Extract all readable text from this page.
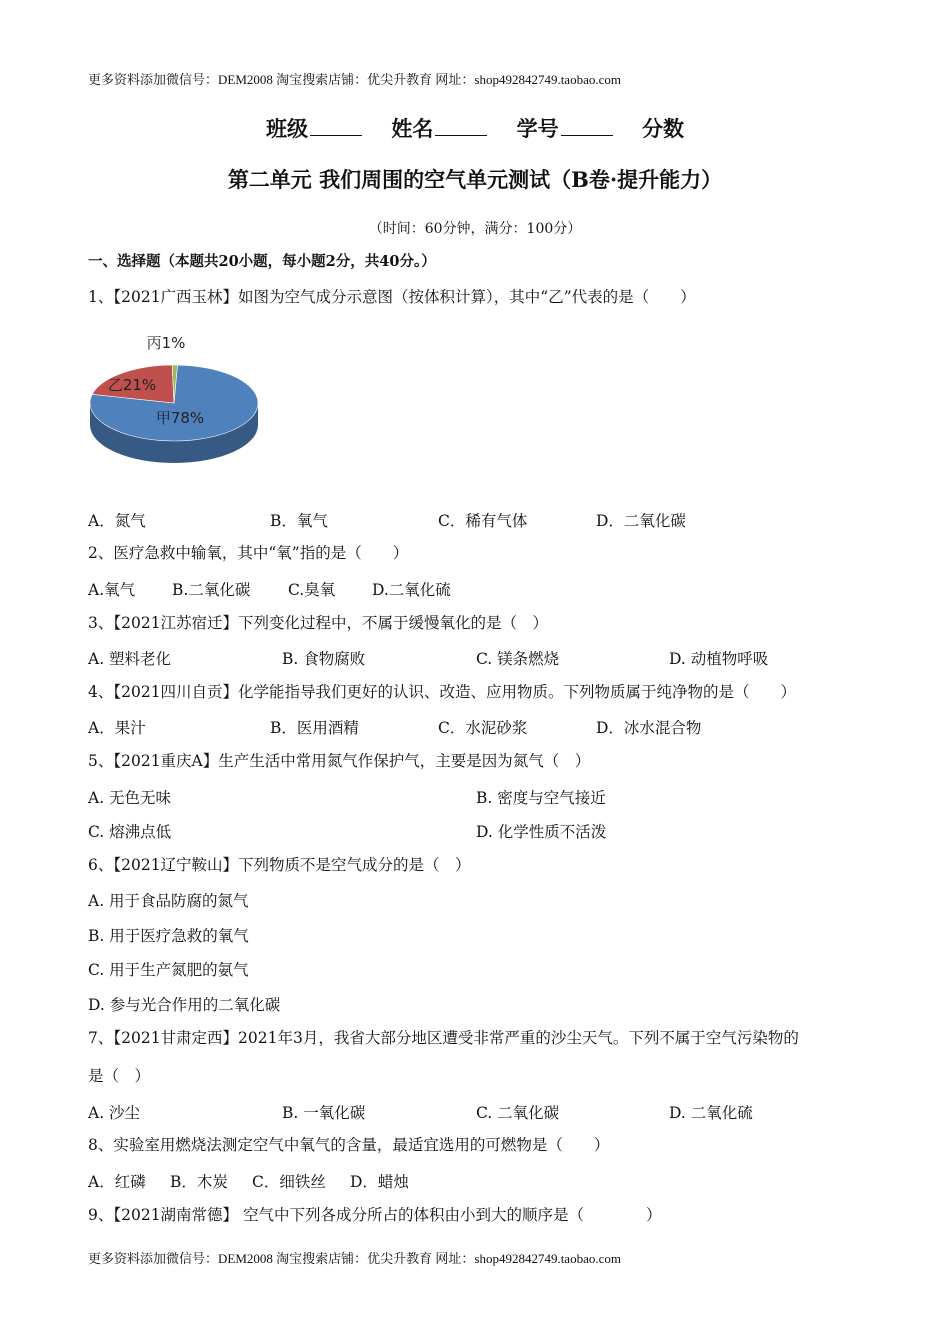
更多资料添加微信号：DEM2008 淘宝搜索店铺：优尖升教育 网址：shop492842749.taobao.com
班级	姓名	学号	分数
第二单元 我们周围的空气单元测试（B卷·提升能力）
（时间：60分钟，满分：100分）
一、选择题（本题共20小题，每小题2分，共40分。）
1、【2021广西玉林】如图为空气成分示意图（按体积计算），其中“乙”代表的是（　　）
甲78%
乙21%
丙1%
A．氮气	B．氧气	C．稀有气体	D．二氧化碳
2、医疗急救中输氧，其中“氧”指的是（　　）
A.氧气 B.二氧化碳 C.臭氧 D.二氧化硫
3、【2021江苏宿迁】下列变化过程中，不属于缓慢氧化的是（　）
A. 塑料老化	B. 食物腐败	C. 镁条燃烧	D. 动植物呼吸
4、【2021四川自贡】化学能指导我们更好的认识、改造、应用物质。下列物质属于纯净物的是（　　）
A．果汁	B．医用酒精	C．水泥砂浆	D．冰水混合物
5、【2021重庆A】生产生活中常用氮气作保护气，主要是因为氮气（　）
A. 无色无味	B. 密度与空气接近
C. 熔沸点低	D. 化学性质不活泼
6、【2021辽宁鞍山】下列物质不是空气成分的是（　）
A. 用于食品防腐的氮气
B. 用于医疗急救的氧气
C. 用于生产氮肥的氨气
D. 参与光合作用的二氧化碳
7、【2021甘肃定西】2021年3月，我省大部分地区遭受非常严重的沙尘天气。下列不属于空气污染物的
是（　）
A. 沙尘	B. 一氧化碳	C. 二氧化碳	D. 二氧化硫
8、实验室用燃烧法测定空气中氧气的含量，最适宜选用的可燃物是（　　）
A．红磷 B．木炭 C．细铁丝 D．蜡烛
9、【2021湖南常德】 空气中下列各成分所占的体积由小到大的顺序是（　　　　）
更多资料添加微信号：DEM2008 淘宝搜索店铺：优尖升教育 网址：shop492842749.taobao.com
